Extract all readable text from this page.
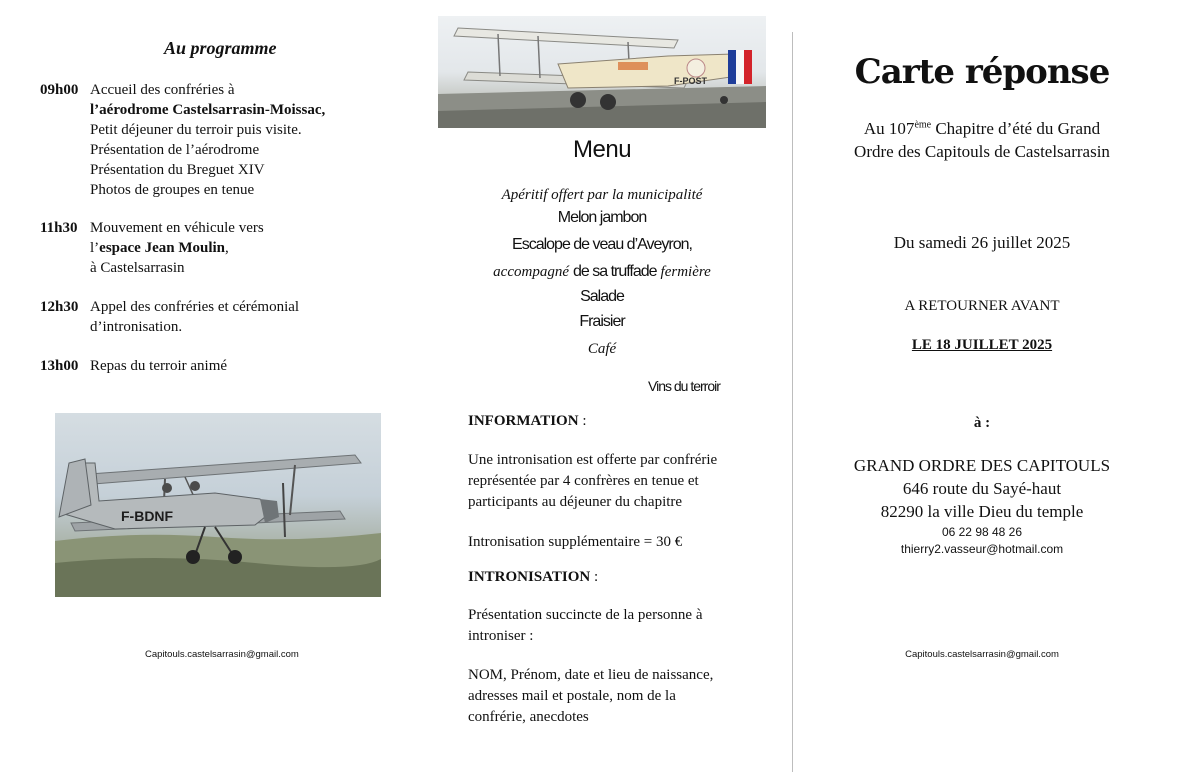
Au programme
09h00 Accueil des confréries à
l’aérodrome Castelsarrasin-Moissac,
Petit déjeuner du terroir puis visite.
Présentation de l’aérodrome
Présentation du Breguet XIV
Photos de groupes en tenue
11h30 Mouvement en véhicule vers
l’espace Jean Moulin,
à Castelsarrasin
12h30 Appel des confréries et cérémonial
d’intronisation.
13h00 Repas du terroir animé
F-BDNF
Capitouls.castelsarrasin@gmail.com
F-POST
Menu
Apéritif offert par la municipalité
Melon jambon
Escalope de veau d’Aveyron,
accompagné de sa truffade fermière
Salade
Fraisier
Café
Vins du terroir
INFORMATION :
Une intronisation est offerte par confrérie
représentée par 4 confrères en tenue et
participants au déjeuner du chapitre
Intronisation supplémentaire = 30 €
INTRONISATION :
Présentation succincte de la personne à
introniser :
NOM, Prénom, date et lieu de naissance,
adresses mail et postale, nom de la
confrérie, anecdotes
Carte réponse
Au 107ème Chapitre d’été du Grand
Ordre des Capitouls de Castelsarrasin
Du samedi 26 juillet 2025
A RETOURNER AVANT
LE 18 JUILLET 2025
à :
GRAND ORDRE DES CAPITOULS
646 route du Sayé-haut
82290 la ville Dieu du temple
06 22 98 48 26
thierry2.vasseur@hotmail.com
Capitouls.castelsarrasin@gmail.com
